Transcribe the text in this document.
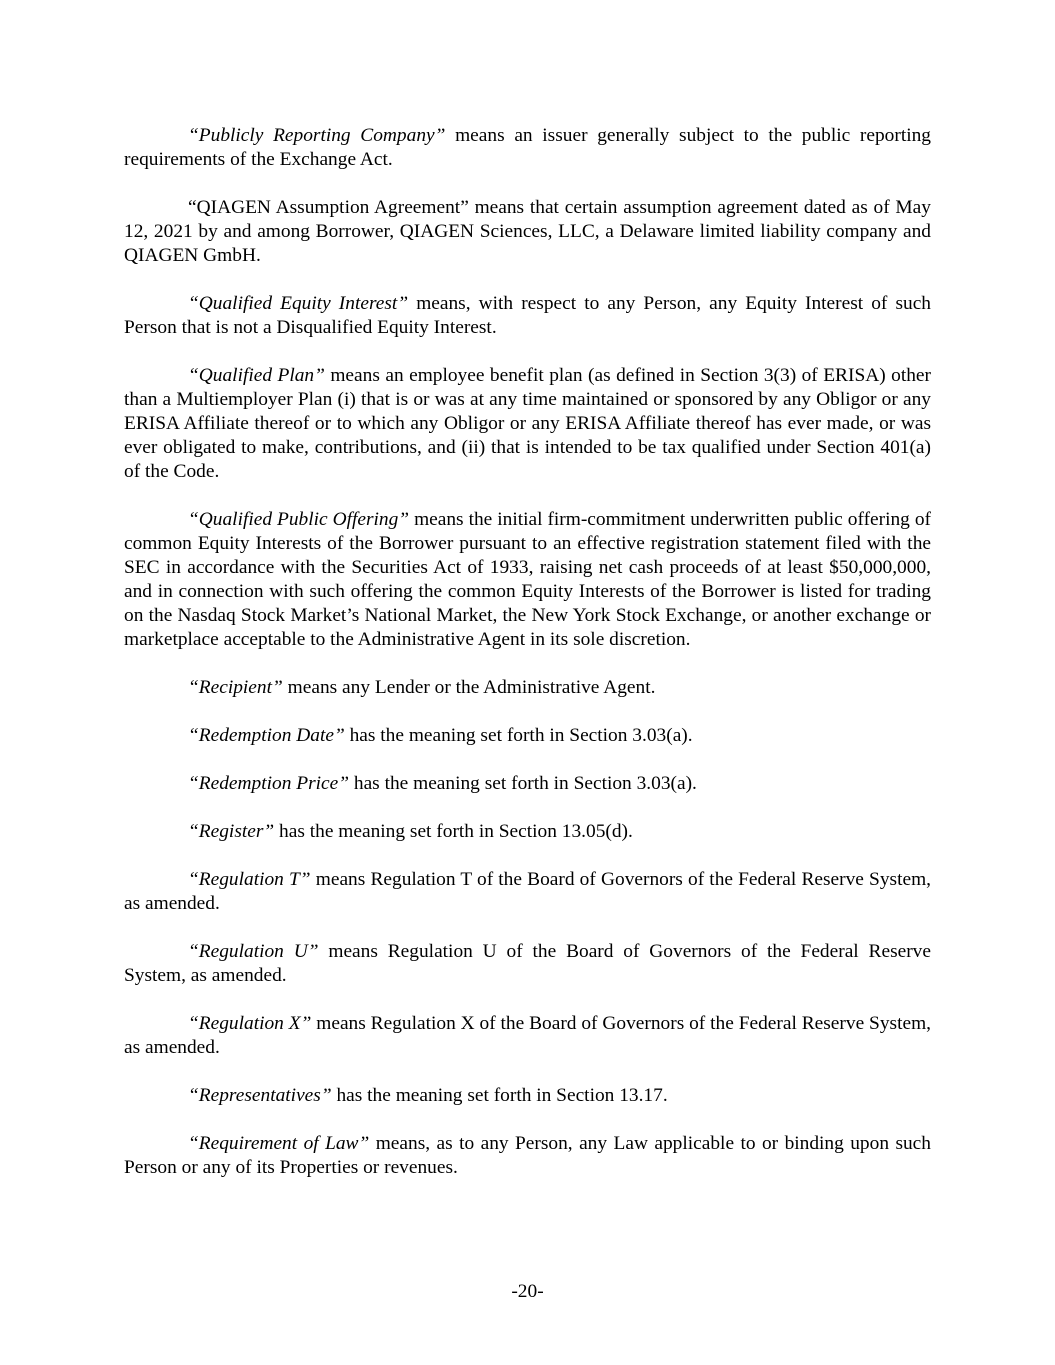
“Publicly Reporting Company” means an issuer generally subject to the public reporting requirements of the Exchange Act.

“QIAGEN Assumption Agreement” means that certain assumption agreement dated as of May 12, 2021 by and among Borrower, QIAGEN Sciences, LLC, a Delaware limited liability company and QIAGEN GmbH.

“Qualified Equity Interest” means, with respect to any Person, any Equity Interest of such Person that is not a Disqualified Equity Interest.

“Qualified Plan” means an employee benefit plan (as defined in Section 3(3) of ERISA) other than a Multiemployer Plan (i) that is or was at any time maintained or sponsored by any Obligor or any ERISA Affiliate thereof or to which any Obligor or any ERISA Affiliate thereof has ever made, or was ever obligated to make, contributions, and (ii) that is intended to be tax qualified under Section 401(a) of the Code.

“Qualified Public Offering” means the initial firm-commitment underwritten public offering of common Equity Interests of the Borrower pursuant to an effective registration statement filed with the SEC in accordance with the Securities Act of 1933, raising net cash proceeds of at least $50,000,000, and in connection with such offering the common Equity Interests of the Borrower is listed for trading on the Nasdaq Stock Market’s National Market, the New York Stock Exchange, or another exchange or marketplace acceptable to the Administrative Agent in its sole discretion.

“Recipient” means any Lender or the Administrative Agent.

“Redemption Date” has the meaning set forth in Section 3.03(a).

“Redemption Price” has the meaning set forth in Section 3.03(a).

“Register” has the meaning set forth in Section 13.05(d).

“Regulation T” means Regulation T of the Board of Governors of the Federal Reserve System, as amended.

“Regulation U” means Regulation U of the Board of Governors of the Federal Reserve System, as amended.

“Regulation X” means Regulation X of the Board of Governors of the Federal Reserve System, as amended.

“Representatives” has the meaning set forth in Section 13.17.

“Requirement of Law” means, as to any Person, any Law applicable to or binding upon such Person or any of its Properties or revenues.

-20-
